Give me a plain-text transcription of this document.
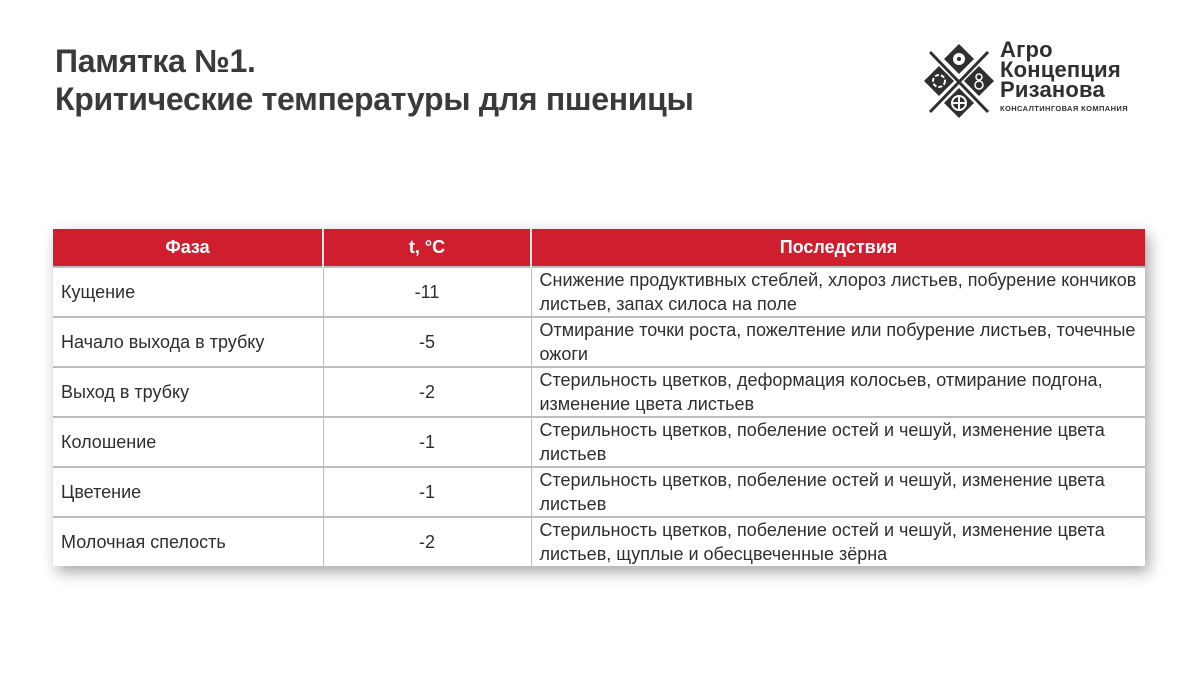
Памятка №1.
Критические температуры для пшеницы
Агро
Концепция
Ризанова
КОНСАЛТИНГОВАЯ КОМПАНИЯ
Фаза	t, °C	Последствия
Кущение	-11	Снижение продуктивных стеблей, хлороз листьев, побурение кончиков листьев, запах силоса на поле
Начало выхода в трубку	-5	Отмирание точки роста, пожелтение или побурение листьев, точечные ожоги
Выход в трубку	-2	Стерильность цветков, деформация колосьев, отмирание подгона, изменение цвета листьев
Колошение	-1	Стерильность цветков, побеление остей и чешуй, изменение цвета листьев
Цветение	-1	Стерильность цветков, побеление остей и чешуй, изменение цвета листьев
Молочная спелость	-2	Стерильность цветков, побеление остей и чешуй, изменение цвета листьев, щуплые и обесцвеченные зёрна
